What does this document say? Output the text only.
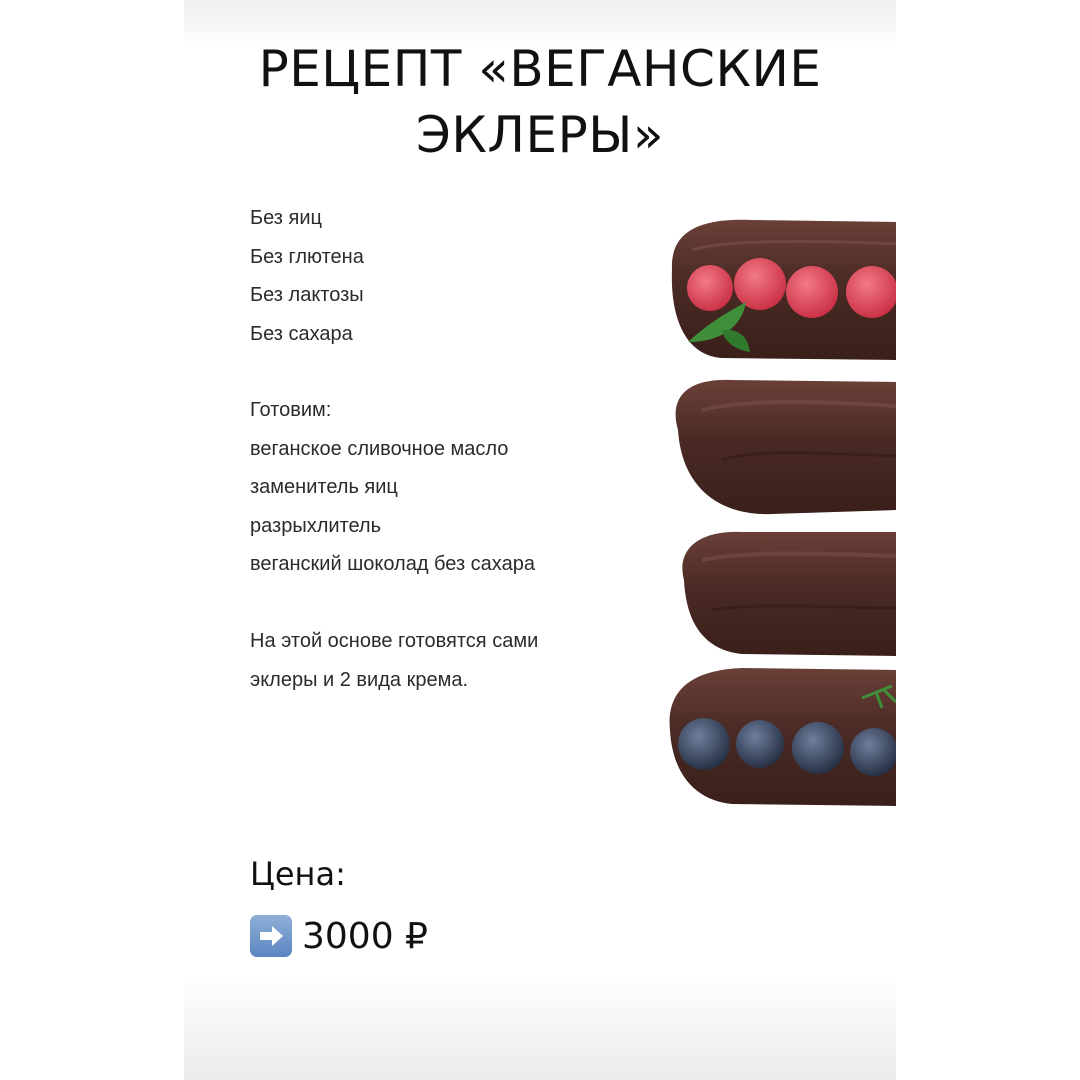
РЕЦЕПТ «ВЕГАНСКИЕ
ЭКЛЕРЫ»
Без яиц
Без глютена
Без лактозы
Без сахара
Готовим:
веганское сливочное масло
заменитель яиц
разрыхлитель
веганский шоколад без сахара

На этой основе готовятся сами
эклеры и 2 вида крема.

Цена:
3000 ₽
